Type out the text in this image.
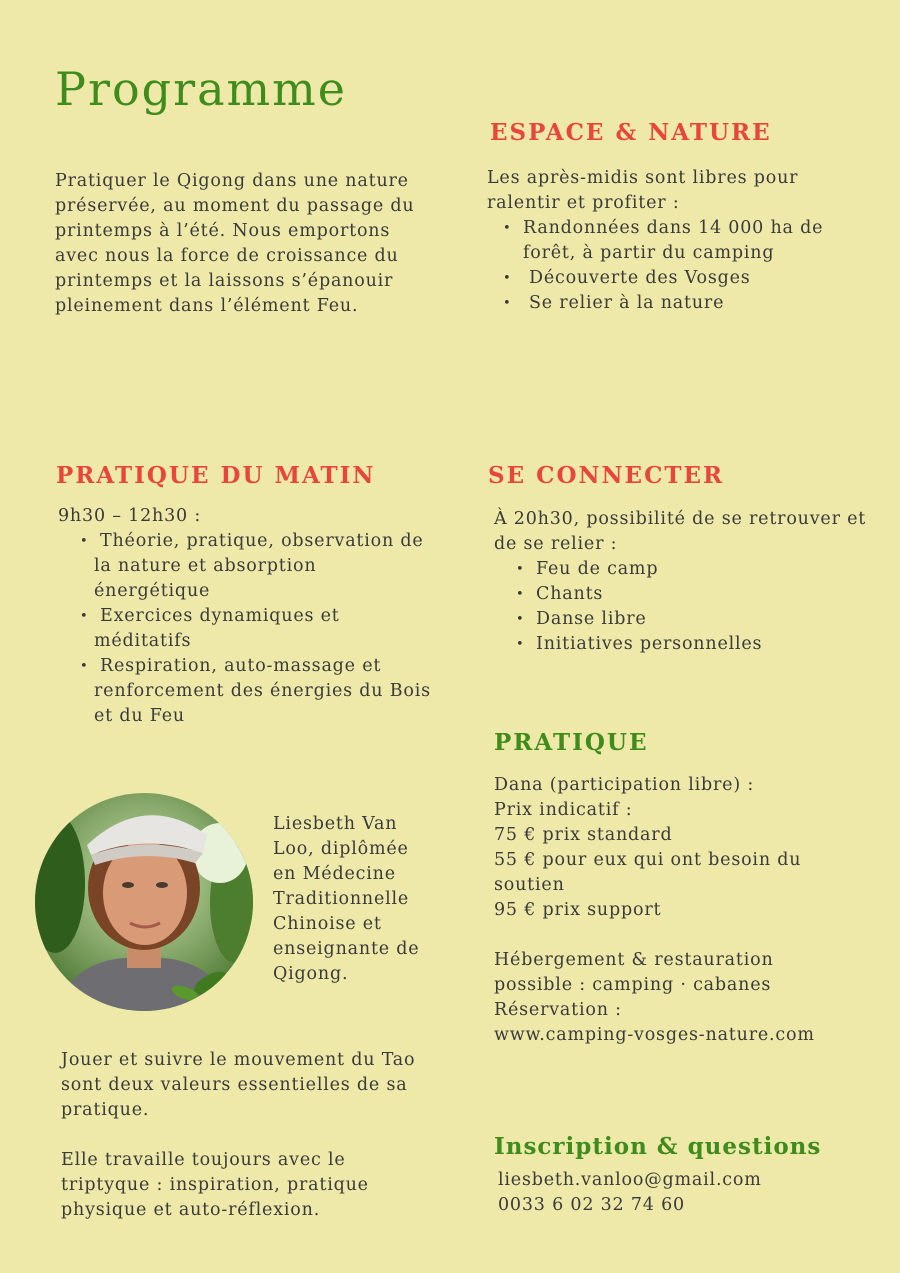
Programme

Pratiquer le Qigong dans une nature préservée, au moment du passage du printemps à l’été. Nous emportons avec nous la force de croissance du printemps et la laissons s’épanouir pleinement dans l’élément Feu.

ESPACE & NATURE

Les après-midis sont libres pour ralentir et profiter :

• Randonnées dans 14 000 ha de forêt, à partir du camping
• Découverte des Vosges
• Se relier à la nature
PRATIQUE DU MATIN

9h30 – 12h30 :

• Théorie, pratique, observation de la nature et absorption énergétique
• Exercices dynamiques et méditatifs
• Respiration, auto-massage et renforcement des énergies du Bois et du Feu
SE CONNECTER

À 20h30, possibilité de se retrouver et de se relier :

• Feu de camp
• Chants
• Danse libre
• Initiatives personnelles

Liesbeth Van Loo, diplômée en Médecine Traditionnelle Chinoise et enseignante de Qigong.

Jouer et suivre le mouvement du Tao sont deux valeurs essentielles de sa pratique.

Elle travaille toujours avec le triptyque : inspiration, pratique physique et auto-réflexion.

PRATIQUE

Dana (participation libre) :

Prix indicatif :

75 € prix standard

55 € pour eux qui ont besoin du soutien

95 € prix support

Hébergement & restauration possible : camping · cabanes

Réservation :

www.camping-vosges-nature.com

Inscription & questions

liesbeth.vanloo@gmail.com

0033 6 02 32 74 60
